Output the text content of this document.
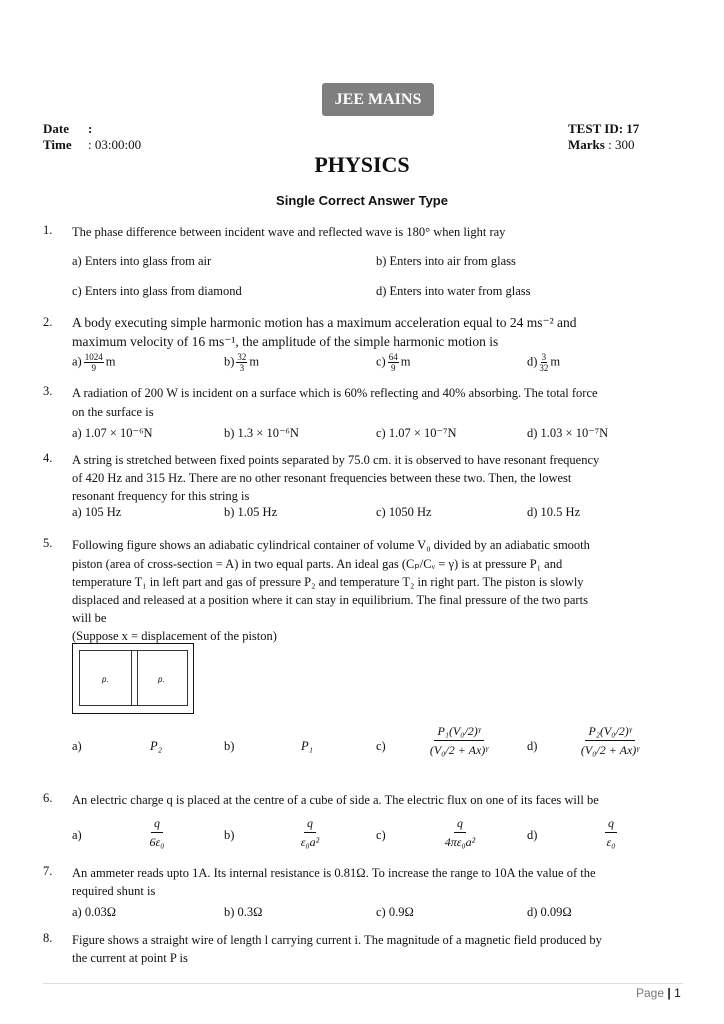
JEE MAINS
Date :
Time : 03:00:00
TEST ID: 17
Marks : 300
PHYSICS
Single Correct Answer Type
1. The phase difference between incident wave and reflected wave is 180° when light ray
a) Enters into glass from air	b) Enters into air from glass
c) Enters into glass from diamond	d) Enters into water from glass
2. A body executing simple harmonic motion has a maximum acceleration equal to 24 ms⁻² and
maximum velocity of 16 ms⁻¹, the amplitude of the simple harmonic motion is
$a) \frac{1024}{9}$ m	$b) \frac{32}{3}$ m	$c) \frac{64}{9}$ m	$d) \frac{3}{32}$ m
3. A radiation of 200 W is incident on a surface which is 60% reflecting and 40% absorbing. The total force
on the surface is
a) 1.07 × 10⁻⁶N	b) 1.3 × 10⁻⁶N	c) 1.07 × 10⁻⁷N	d) 1.03 × 10⁻⁷N
4. A string is stretched between fixed points separated by 75.0 cm. it is observed to have resonant frequency
of 420 Hz and 315 Hz. There are no other resonant frequencies between these two. Then, the lowest
resonant frequency for this string is
a) 105 Hz	b) 1.05 Hz	c) 1050 Hz	d) 10.5 Hz
5. Following figure shows an adiabatic cylindrical container of volume V₀ divided by an adiabatic smooth
piston (area of cross-section = A) in two equal parts. An ideal gas (Cₚ/Cᵥ = γ) is at pressure P₁ and
temperature T₁ in left part and gas of pressure P₂ and temperature T₂ in right part. The piston is slowly
displaced and released at a position where it can stay in equilibrium. The final pressure of the two parts
will be
(Suppose x = displacement of the piston)
p.	p.
a)	P₂	b)	P₁	c)	$\frac{\text{P₁(V₀/2)ᵞ}}{\text{(V₀/2 + Ax)ᵞ}} d$)	$\frac{\text{P₂(V₀/2)ᵞ}}{\text{(V₀/2 + Ax)ᵞ}}$
6. An electric charge q is placed at the centre of a cube of side a. The electric flux on one of its faces will be
a)	$\frac{q}{\text{6ε₀}}$	b)	$\frac{q}{\text{ε₀a²}}$	c)	$\frac{q}{\text{4πε₀a²}}$	d)	$\frac{q}{\text{ε₀}}$
7. An ammeter reads upto 1A. Its internal resistance is 0.81Ω. To increase the range to 10A the value of the
required shunt is
a) 0.03Ω	b) 0.3Ω	c) 0.9Ω	d) 0.09Ω
8. Figure shows a straight wire of length l carrying current i. The magnitude of a magnetic field produced by
the current at point P is
Page | 1
